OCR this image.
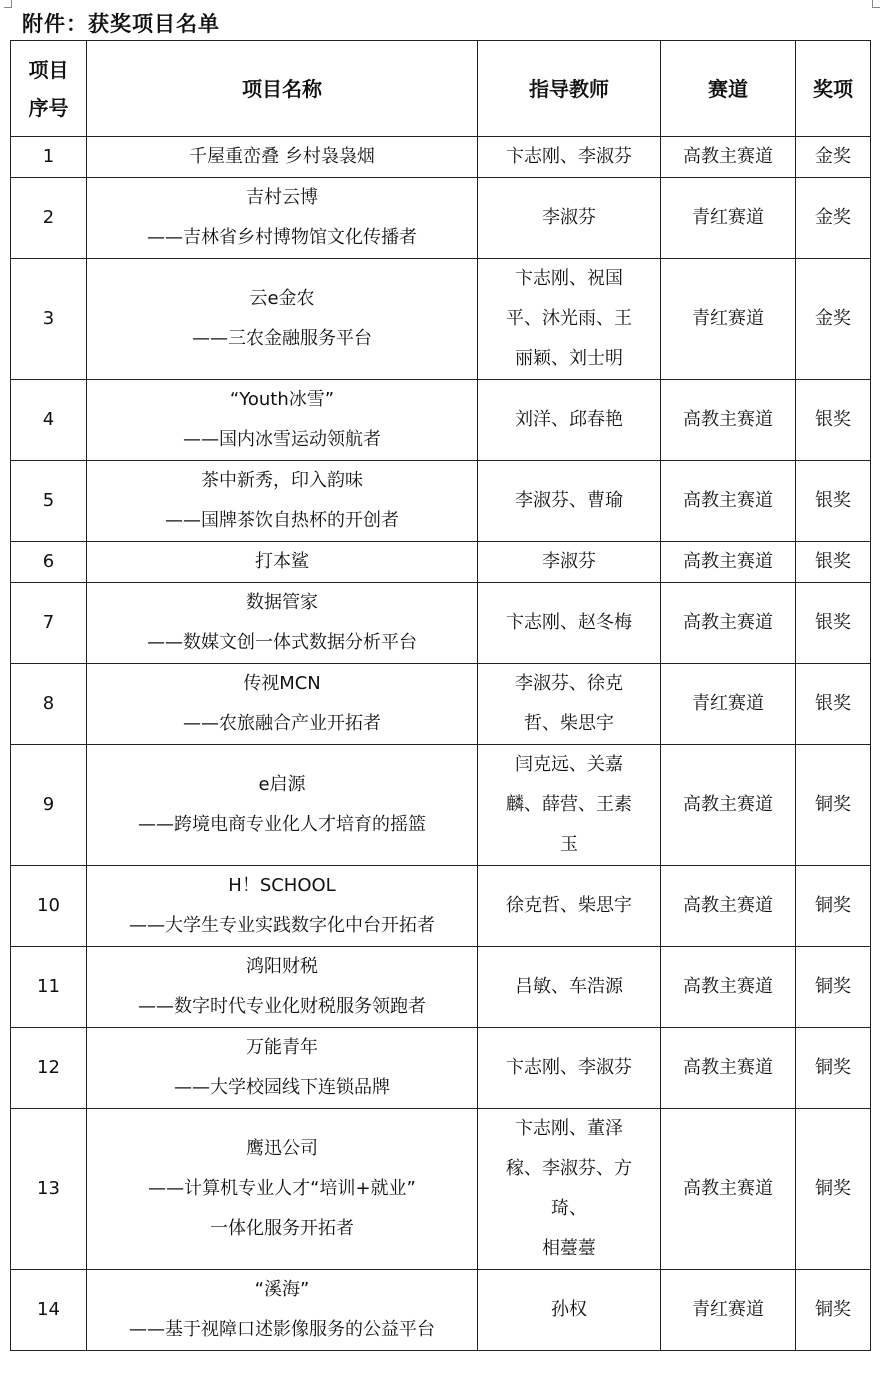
附件：获奖项目名单
项目
序号	项目名称	指导教师	赛道	奖项
1	千屋重峦叠 乡村袅袅烟	卞志刚、李淑芬	高教主赛道	金奖
2	吉村云博
——吉林省乡村博物馆文化传播者	李淑芬	青红赛道	金奖
3	云e金农
——三农金融服务平台	卞志刚、祝国
平、沐光雨、王
丽颖、刘士明	青红赛道	金奖
4	“Youth冰雪”
——国内冰雪运动领航者	刘洋、邱春艳	高教主赛道	银奖
5	茶中新秀，印入韵味
——国牌茶饮自热杯的开创者	李淑芬、曹瑜	高教主赛道	银奖
6	打本鲨	李淑芬	高教主赛道	银奖
7	数据管家
——数媒文创一体式数据分析平台	卞志刚、赵冬梅	高教主赛道	银奖
8	传视MCN
——农旅融合产业开拓者	李淑芬、徐克
哲、柴思宇	青红赛道	银奖
9	e启源
——跨境电商专业化人才培育的摇篮	闫克远、关嘉
麟、薛营、王素
玉	高教主赛道	铜奖
10	H！SCHOOL
——大学生专业实践数字化中台开拓者	徐克哲、柴思宇	高教主赛道	铜奖
11	鸿阳财税
——数字时代专业化财税服务领跑者	吕敏、车浩源	高教主赛道	铜奖
12	万能青年
——大学校园线下连锁品牌	卞志刚、李淑芬	高教主赛道	铜奖
13	鹰迅公司
——计算机专业人才“培训+就业”
一体化服务开拓者	卞志刚、董泽
稼、李淑芬、方
琦、
相薹薹	高教主赛道	铜奖
14	“溪海”
——基于视障口述影像服务的公益平台	孙权	青红赛道	铜奖
